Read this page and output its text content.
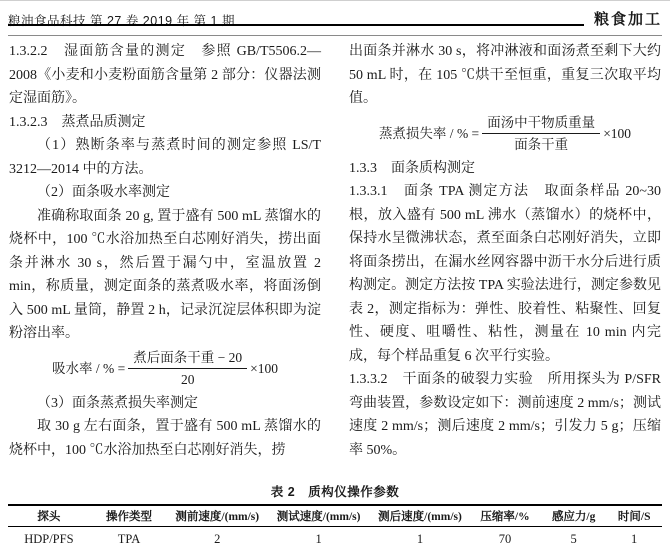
粮油食品科技 第 27 卷 2019 年 第 1 期	粮食加工

1.3.2.2　湿面筋含量的测定　参照 GB/T5506.2—2008《小麦和小麦粉面筋含量第 2 部分：仪器法测定湿面筋》。

1.3.2.3　蒸煮品质测定

（1）熟断条率与蒸煮时间的测定参照 LS/T 3212—2014 中的方法。

（2）面条吸水率测定

准确称取面条 20 g, 置于盛有 500 mL 蒸馏水的烧杯中，100 ℃水浴加热至白芯刚好消失，捞出面条并淋水 30 s，然后置于漏勺中，室温放置 2 min，称质量，测定面条的蒸煮吸水率，将面汤倒入 500 mL 量筒，静置 2 h，记录沉淀层体积即为淀粉溶出率。

吸水率 / % = $\frac{\text{煮后面条干重 − 20}}{20} \times 100$

（3）面条蒸煮损失率测定

取 30 g 左右面条，置于盛有 500 mL 蒸馏水的烧杯中，100 ℃水浴加热至白芯刚好消失，捞

出面条并淋水 30 s，将冲淋液和面汤煮至剩下大约 50 mL 时，在 105 ℃烘干至恒重，重复三次取平均值。

蒸煮损失率 / % = $\frac{\text{面汤中干物质重量}}{\text{面条干重}} \times 100$

1.3.3　面条质构测定

1.3.3.1　面条 TPA 测定方法　取面条样品 20~30 根，放入盛有 500 mL 沸水（蒸馏水）的烧杯中，保持水呈微沸状态，煮至面条白芯刚好消失，立即将面条捞出，在漏水丝网容器中沥干水分后进行质构测定。测定方法按 TPA 实验法进行，测定参数见表 2，测定指标为：弹性、胶着性、粘聚性、回复性、硬度、咀嚼性、粘性，测量在 10 min 内完成，每个样品重复 6 次平行实验。

1.3.3.2　干面条的破裂力实验　所用探头为 P/SFR 弯曲装置，参数设定如下：测前速度 2 mm/s；测试速度 2 mm/s；测后速度 2 mm/s；引发力 5 g；压缩率 50%。

表 2　质构仪操作参数
探头	操作类型	测前速度/(mm/s)	测试速度/(mm/s)	测后速度/(mm/s)	压缩率/%	感应力/g	时间/S
HDP/PFS	TPA	2	1	1	70	5	1
